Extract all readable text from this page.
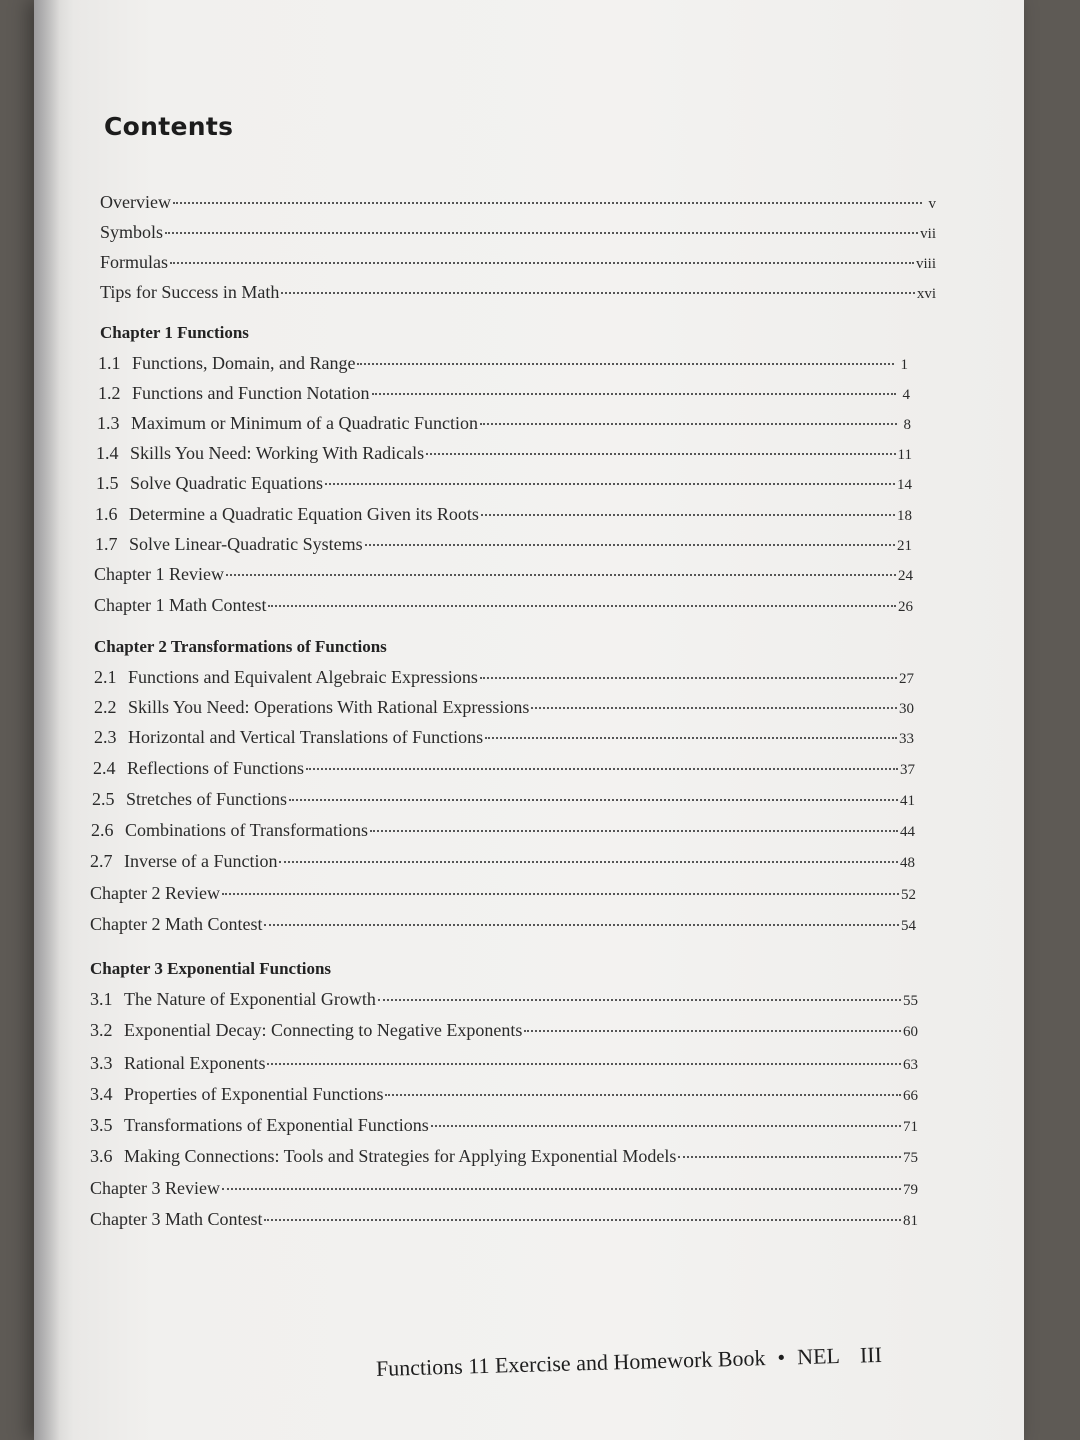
Contents
Overview	v
Symbols	vii
Formulas	viii
Tips for Success in Math	xvi
Chapter 1 Functions
1.1 Functions, Domain, and Range	1
1.2 Functions and Function Notation	4
1.3 Maximum or Minimum of a Quadratic Function	8
1.4 Skills You Need: Working With Radicals	11
1.5 Solve Quadratic Equations	14
1.6 Determine a Quadratic Equation Given its Roots	18
1.7 Solve Linear-Quadratic Systems	21
Chapter 1 Review	24
Chapter 1 Math Contest	26
Chapter 2 Transformations of Functions
2.1 Functions and Equivalent Algebraic Expressions	27
2.2 Skills You Need: Operations With Rational Expressions	30
2.3 Horizontal and Vertical Translations of Functions	33
2.4 Reflections of Functions	37
2.5 Stretches of Functions	41
2.6 Combinations of Transformations	44
2.7 Inverse of a Function	48
Chapter 2 Review	52
Chapter 2 Math Contest	54
Chapter 3 Exponential Functions
3.1 The Nature of Exponential Growth	55
3.2 Exponential Decay: Connecting to Negative Exponents	60
3.3 Rational Exponents	63
3.4 Properties of Exponential Functions	66
3.5 Transformations of Exponential Functions	71
3.6 Making Connections: Tools and Strategies for Applying Exponential Models	75
Chapter 3 Review	79
Chapter 3 Math Contest	81
Functions 11 Exercise and Homework Book • NEL III
